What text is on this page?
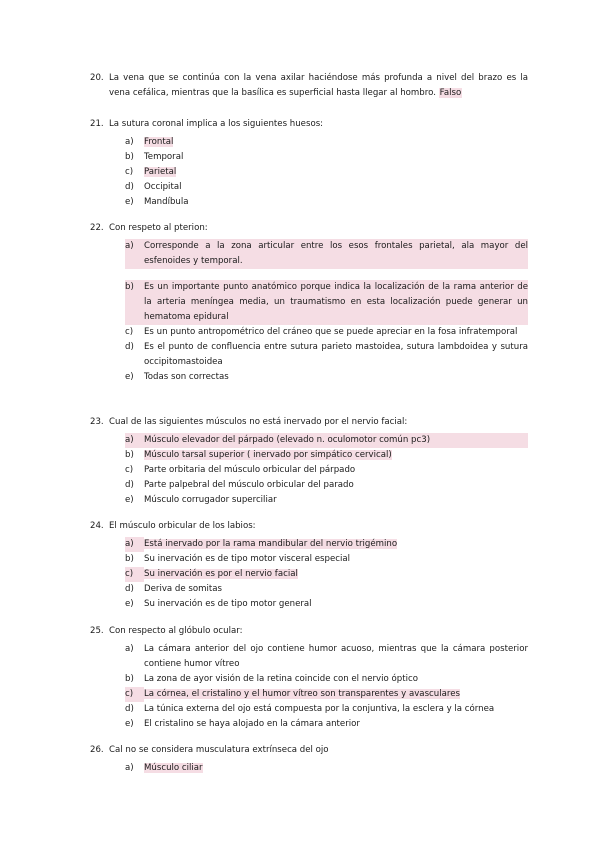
20. La vena que se continúa con la vena axilar haciéndose más profunda a nivel del brazo es la vena cefálica, mientras que la basílica es superficial hasta llegar al hombro. Falso
21. La sutura coronal implica a los siguientes huesos:
a)	Frontal
b)	Temporal
c)	Parietal
d)	Occipital
e)	Mandíbula
22. Con respeto al pterion:
a)	Corresponde a la zona articular entre los esos frontales parietal, ala mayor del esfenoides y temporal.
b)	Es un importante punto anatómico porque indica la localización de la rama anterior de la arteria meníngea media, un traumatismo en esta localización puede generar un hematoma epidural
c)	Es un punto antropométrico del cráneo que se puede apreciar en la fosa infratemporal
d)	Es el punto de confluencia entre sutura parieto mastoidea, sutura lambdoidea y sutura occipitomastoidea
e)	Todas son correctas
23. Cual de las siguientes músculos no está inervado por el nervio facial:
a)	Músculo elevador del párpado (elevado n. oculomotor común pc3)
b)	Músculo tarsal superior ( inervado por simpático cervical)
c)	Parte orbitaria del músculo orbicular del párpado
d)	Parte palpebral del músculo orbicular del parado
e)	Músculo corrugador superciliar
24. El músculo orbicular de los labios:
a)	Está inervado por la rama mandibular del nervio trigémino
b)	Su inervación es de tipo motor visceral especial
c)	Su inervación es por el nervio facial
d)	Deriva de somitas
e)	Su inervación es de tipo motor general
25. Con respecto al glóbulo ocular:
a)	La cámara anterior del ojo contiene humor acuoso, mientras que la cámara posterior contiene humor vítreo
b)	La zona de ayor visión de la retina coincide con el nervio óptico
c)	La córnea, el cristalino y el humor vítreo son transparentes y avasculares
d)	La túnica externa del ojo está compuesta por la conjuntiva, la esclera y la córnea
e)	El cristalino se haya alojado en la cámara anterior
26. Cal no se considera musculatura extrínseca del ojo
a)	Músculo ciliar
